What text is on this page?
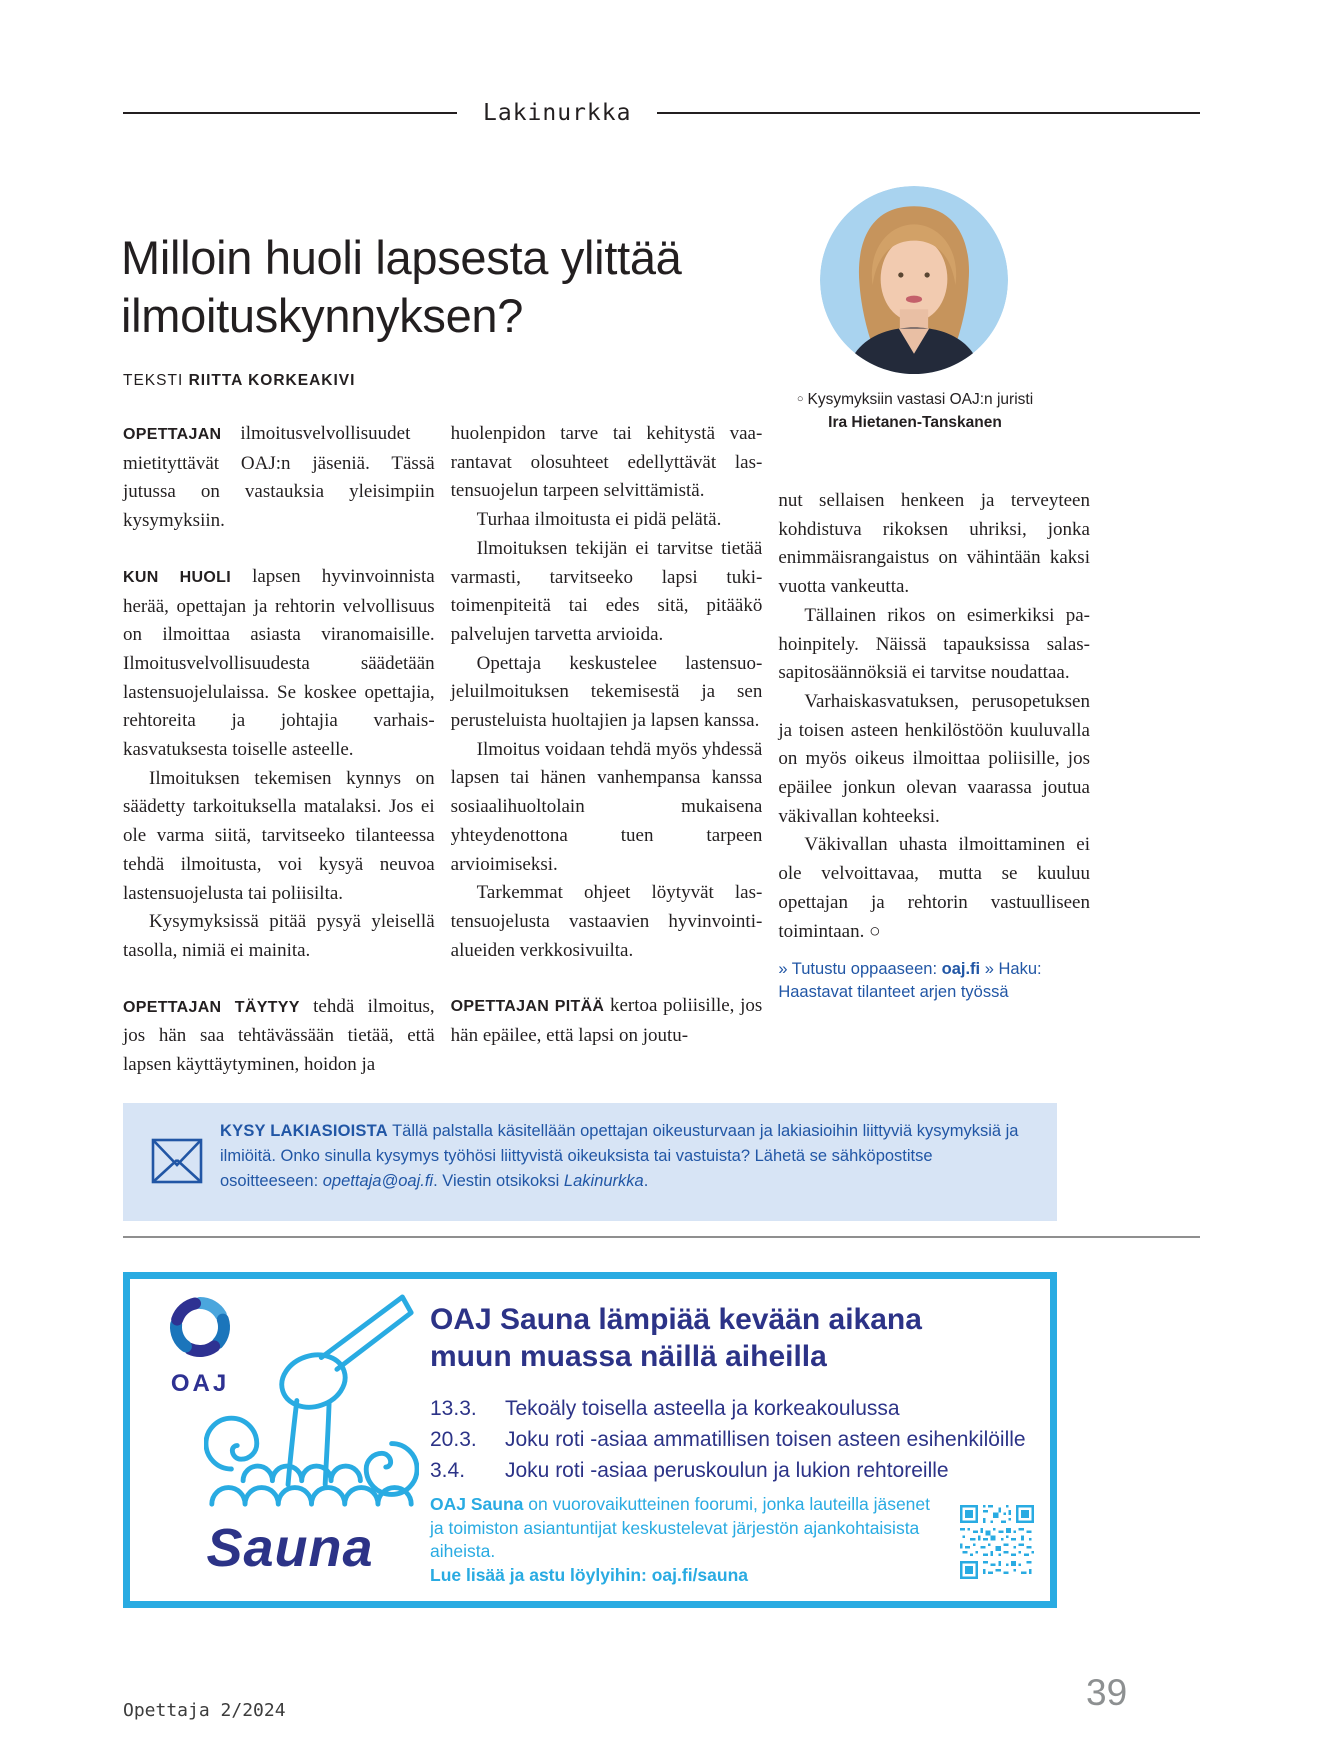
Lakinurkka
Milloin huoli lapsesta ylittää ilmoituskynnyksen?
TEKSTI RIITTA KORKEAKIVI
○ Kysymyksiin vastasi OAJ:n juristi
Ira Hietanen-Tanskanen

OPETTAJAN  ilmoitusvelvollisuudet mietityttävät OAJ:n jäseniä. Tässä jutussa on vastauksia yleisimpiin kysymyksiin.

KUN HUOLI lapsen hyvinvoinnista herää, opettajan ja rehtorin velvollisuus on ilmoittaa asiasta viranomaisille. Ilmoitusvelvollisuudesta säädetään lastensuojelulaissa. Se koskee opettajia, rehtoreita ja johtajia varhaiskasvatuksesta toiselle asteelle.

Ilmoituksen tekemisen kynnys on säädetty tarkoituksella matalaksi. Jos ei ole varma siitä, tarvitseeko tilanteessa tehdä ilmoitusta, voi kysyä neuvoa lastensuojelusta tai poliisilta.

Kysymyksissä pitää pysyä yleisellä tasolla, nimiä ei mainita.

OPETTAJAN TÄYTYY tehdä ilmoitus, jos hän saa tehtävässään tietää, että lapsen käyttäytyminen, hoidon ja

huolenpidon tarve tai kehitystä vaarantavat olosuhteet edellyttävät lastensuojelun tarpeen selvittämistä.

Turhaa ilmoitusta ei pidä pelätä.

Ilmoituksen tekijän ei tarvitse tietää varmasti, tarvitseeko lapsi tukitoimenpiteitä tai edes sitä, pitääkö palvelujen tarvetta arvioida.

Opettaja keskustelee lastensuojeluilmoituksen tekemisestä ja sen perusteluista huoltajien ja lapsen kanssa.

Ilmoitus voidaan tehdä myös yhdessä lapsen tai hänen vanhempansa kanssa sosiaalihuoltolain mukaisena yhteydenottona tuen tarpeen arvioimiseksi.

Tarkemmat ohjeet löytyvät lastensuojelusta vastaavien hyvinvointialueiden verkkosivuilta.

OPETTAJAN PITÄÄ kertoa poliisille, jos hän epäilee, että lapsi on joutu-

nut sellaisen henkeen ja terveyteen kohdistuva rikoksen uhriksi, jonka enimmäisrangaistus on vähintään kaksi vuotta vankeutta.

Tällainen rikos on esimerkiksi pahoinpitely. Näissä tapauksissa salassapitosäännöksiä ei tarvitse noudattaa.

Varhaiskasvatuksen, perusopetuksen ja toisen asteen henkilöstöön kuuluvalla on myös oikeus ilmoittaa poliisille, jos epäilee jonkun olevan vaarassa joutua väkivallan kohteeksi.

Väkivallan uhasta ilmoittaminen ei ole velvoittavaa, mutta se kuuluu opettajan ja rehtorin vastuulliseen toimintaan. ○

» Tutustu oppaaseen: oaj.fi » Haku: Haastavat tilanteet arjen työssä
KYSY LAKIASIOISTA Tällä palstalla käsitellään opettajan oikeusturvaan ja lakiasioihin liittyviä kysymyksiä ja ilmiöitä. Onko sinulla kysymys työhösi liittyvistä oikeuksista tai vastuista? Lähetä se sähköpostitse osoitteeseen: opettaja@oaj.fi. Viestin otsikoksi Lakinurkka.
OAJ
Sauna
OAJ Sauna lämpiää kevään aikana
muun muassa näillä aiheilla
13.3.	Tekoäly toisella asteella ja korkeakoulussa
20.3.	Joku roti -asiaa ammatillisen toisen asteen esihenkilöille
3.4.	Joku roti -asiaa peruskoulun ja lukion rehtoreille
OAJ Sauna on vuorovaikutteinen foorumi, jonka lauteilla jäsenet ja toimiston asiantuntijat keskustelevat järjestön ajankohtaisista aiheista.
Lue lisää ja astu löylyihin: oaj.fi/sauna
Opettaja 2/2024	39
